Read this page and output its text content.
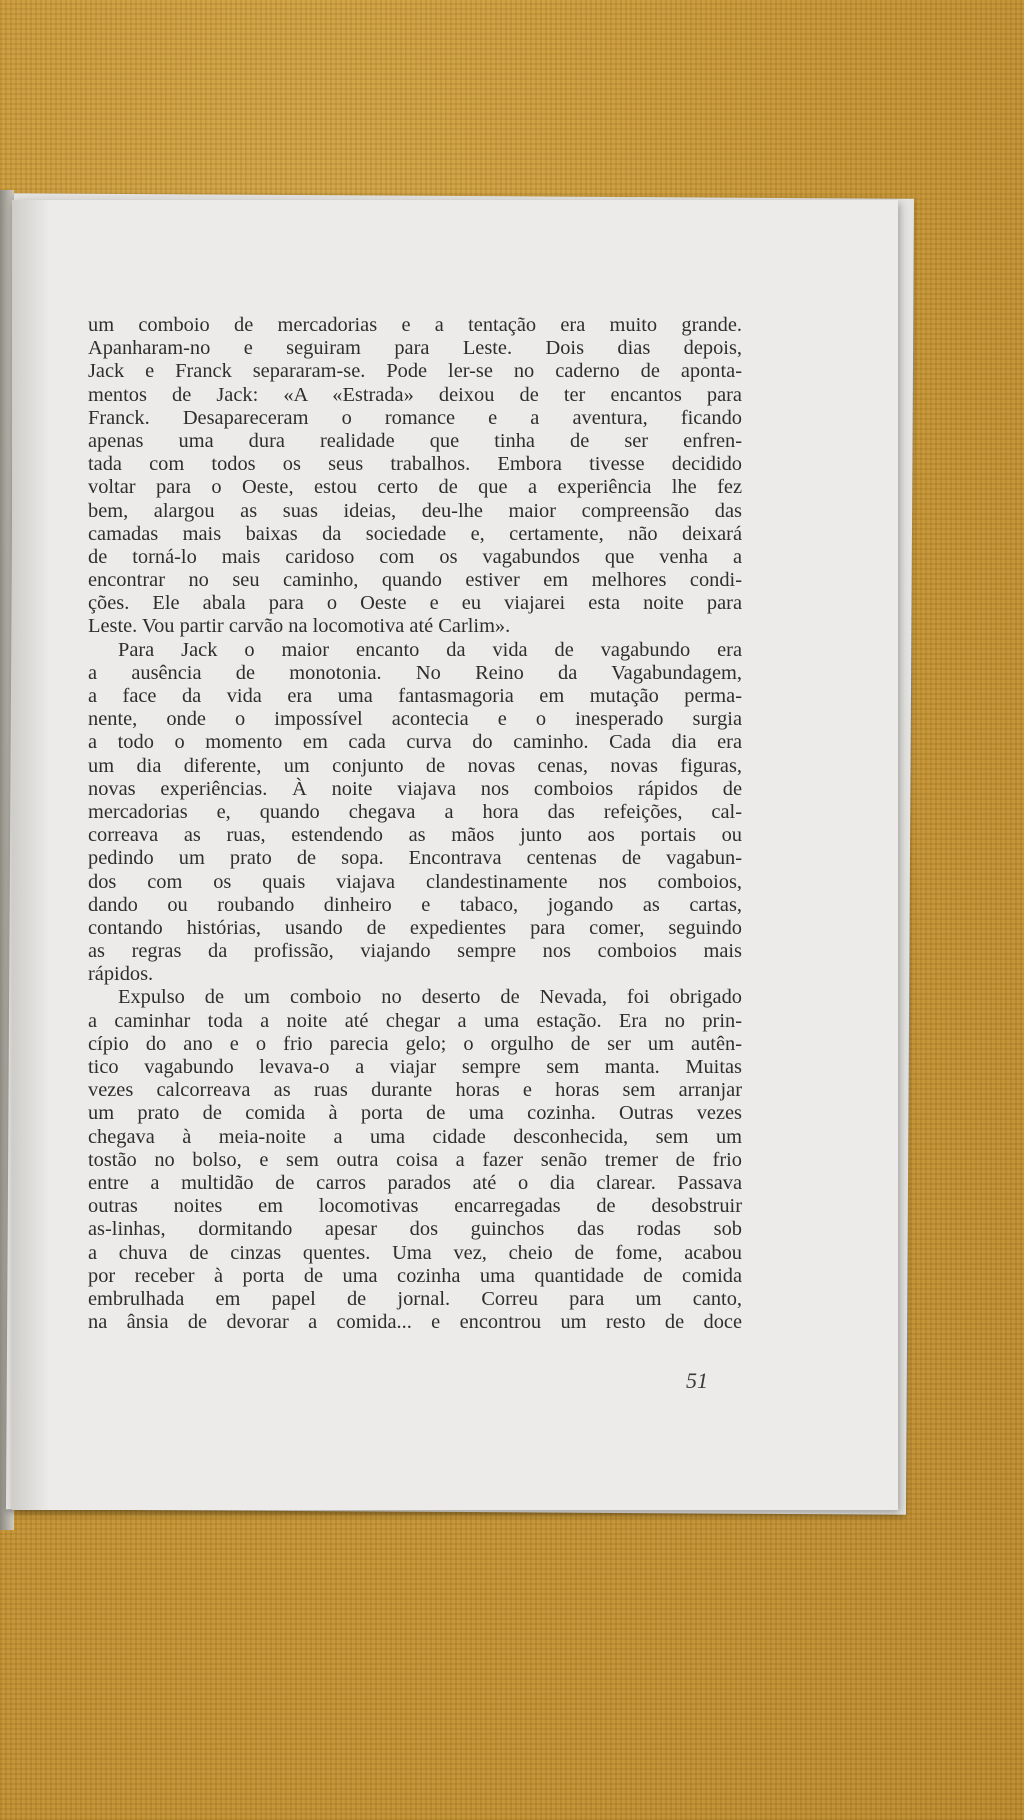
um comboio de mercadorias e a tentação era muito grande.

Apanharam-no e seguiram para Leste. Dois dias depois,

Jack e Franck separaram-se. Pode ler-se no caderno de aponta-

mentos de Jack: «A «Estrada» deixou de ter encantos para

Franck. Desapareceram o romance e a aventura, ficando

apenas uma dura realidade que tinha de ser enfren-

tada com todos os seus trabalhos. Embora tivesse decidido

voltar para o Oeste, estou certo de que a experiência lhe fez

bem, alargou as suas ideias, deu-lhe maior compreensão das

camadas mais baixas da sociedade e, certamente, não deixará

de torná-lo mais caridoso com os vagabundos que venha a

encontrar no seu caminho, quando estiver em melhores condi-

ções. Ele abala para o Oeste e eu viajarei esta noite para

Leste. Vou partir carvão na locomotiva até Carlim».

Para Jack o maior encanto da vida de vagabundo era

a ausência de monotonia. No Reino da Vagabundagem,

a face da vida era uma fantasmagoria em mutação perma-

nente, onde o impossível acontecia e o inesperado surgia

a todo o momento em cada curva do caminho. Cada dia era

um dia diferente, um conjunto de novas cenas, novas figuras,

novas experiências. À noite viajava nos comboios rápidos de

mercadorias e, quando chegava a hora das refeições, cal-

correava as ruas, estendendo as mãos junto aos portais ou

pedindo um prato de sopa. Encontrava centenas de vagabun-

dos com os quais viajava clandestinamente nos comboios,

dando ou roubando dinheiro e tabaco, jogando as cartas,

contando histórias, usando de expedientes para comer, seguindo

as regras da profissão, viajando sempre nos comboios mais

rápidos.

Expulso de um comboio no deserto de Nevada, foi obrigado

a caminhar toda a noite até chegar a uma estação. Era no prin-

cípio do ano e o frio parecia gelo; o orgulho de ser um autên-

tico vagabundo levava-o a viajar sempre sem manta. Muitas

vezes calcorreava as ruas durante horas e horas sem arranjar

um prato de comida à porta de uma cozinha. Outras vezes

chegava à meia-noite a uma cidade desconhecida, sem um

tostão no bolso, e sem outra coisa a fazer senão tremer de frio

entre a multidão de carros parados até o dia clarear. Passava

outras noites em locomotivas encarregadas de desobstruir

as-linhas, dormitando apesar dos guinchos das rodas sob

a chuva de cinzas quentes. Uma vez, cheio de fome, acabou

por receber à porta de uma cozinha uma quantidade de comida

embrulhada em papel de jornal. Correu para um canto,

na ânsia de devorar a comida... e encontrou um resto de doce

51
